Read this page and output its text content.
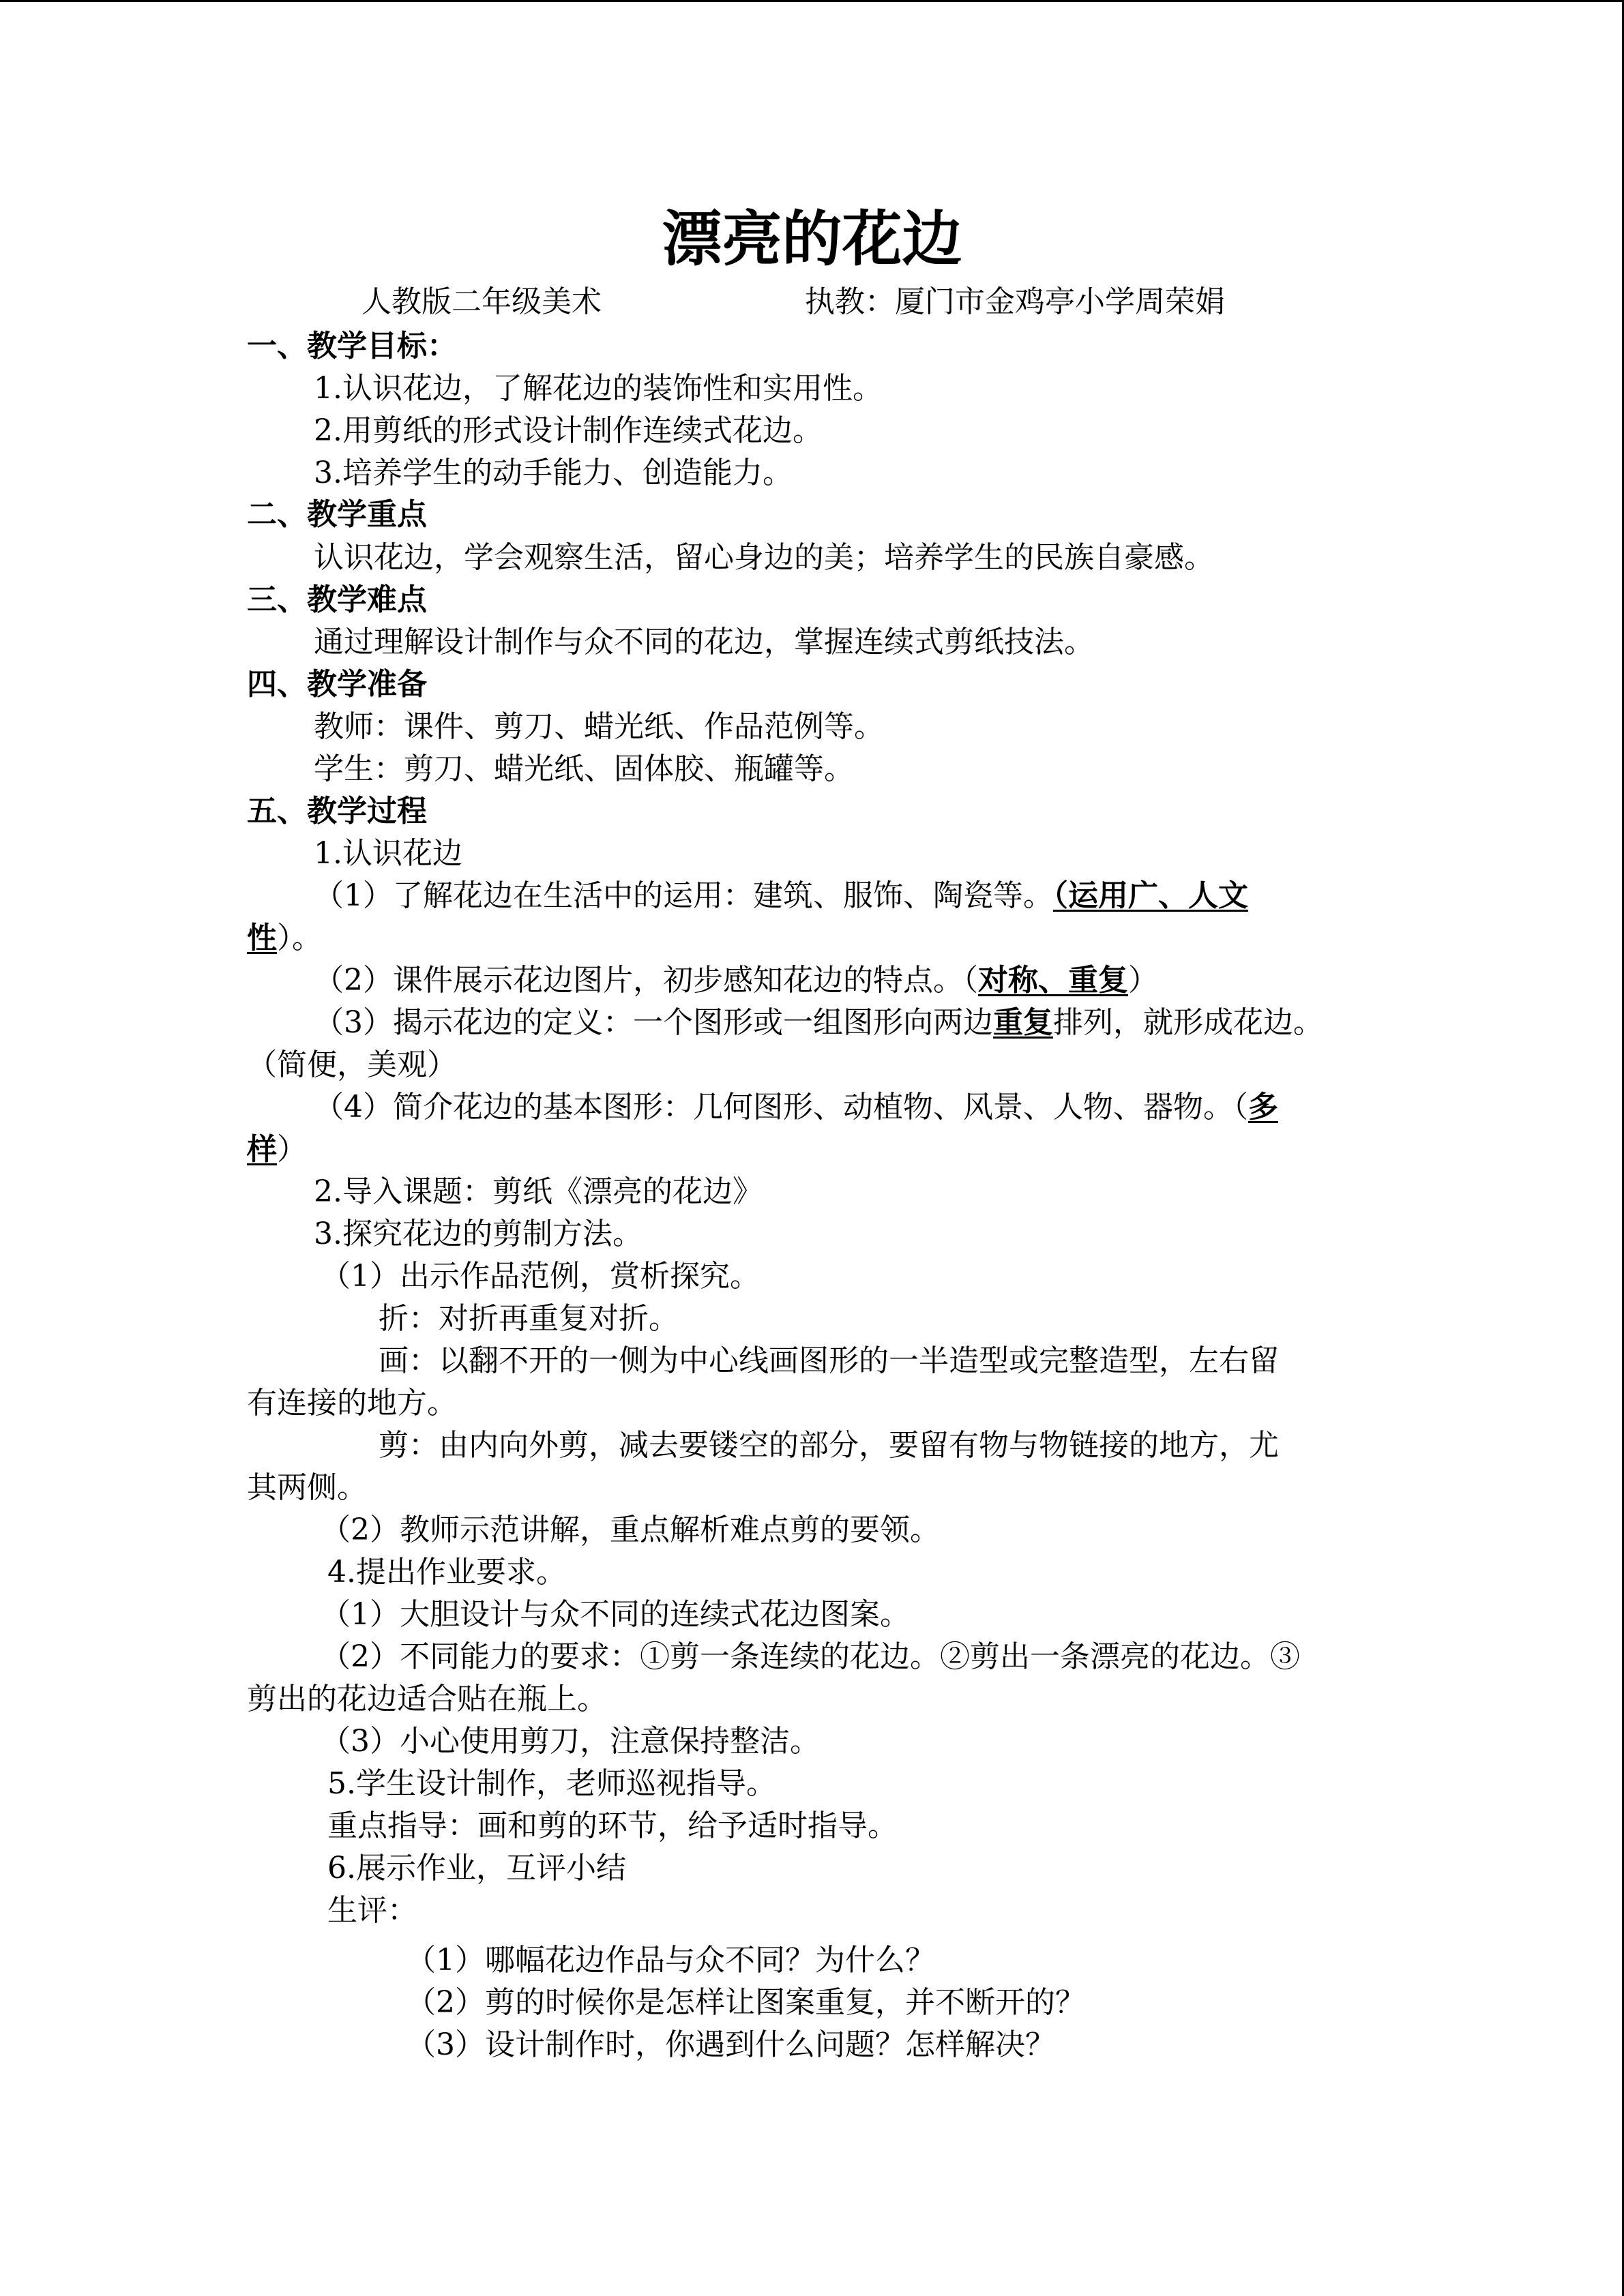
漂亮的花边
人教版二年级美术	执教：厦门市金鸡亭小学周荣娟
一、教学目标：
1.认识花边，了解花边的装饰性和实用性。
2.用剪纸的形式设计制作连续式花边。
3.培养学生的动手能力、创造能力。
二、教学重点
认识花边，学会观察生活，留心身边的美；培养学生的民族自豪感。
三、教学难点
通过理解设计制作与众不同的花边，掌握连续式剪纸技法。
四、教学准备
教师：课件、剪刀、蜡光纸、作品范例等。
学生：剪刀、蜡光纸、固体胶、瓶罐等。
五、教学过程
1.认识花边
（1）了解花边在生活中的运用：建筑、服饰、陶瓷等。（运用广、人文
性）。
（2）课件展示花边图片，初步感知花边的特点。（对称、重复）
（3）揭示花边的定义：一个图形或一组图形向两边重复排列，就形成花边。
（简便，美观）
（4）简介花边的基本图形：几何图形、动植物、风景、人物、器物。（多
样）
2.导入课题：剪纸《漂亮的花边》
3.探究花边的剪制方法。
（1）出示作品范例，赏析探究。
折：对折再重复对折。
画：以翻不开的一侧为中心线画图形的一半造型或完整造型，左右留
有连接的地方。
剪：由内向外剪，减去要镂空的部分，要留有物与物链接的地方，尤
其两侧。
（2）教师示范讲解，重点解析难点剪的要领。
4.提出作业要求。
（1）大胆设计与众不同的连续式花边图案。
（2）不同能力的要求：①剪一条连续的花边。②剪出一条漂亮的花边。③
剪出的花边适合贴在瓶上。
（3）小心使用剪刀，注意保持整洁。
5.学生设计制作，老师巡视指导。
重点指导：画和剪的环节，给予适时指导。
6.展示作业，互评小结
生评：
（1）哪幅花边作品与众不同？为什么？
（2）剪的时候你是怎样让图案重复，并不断开的？
（3）设计制作时，你遇到什么问题？怎样解决？
